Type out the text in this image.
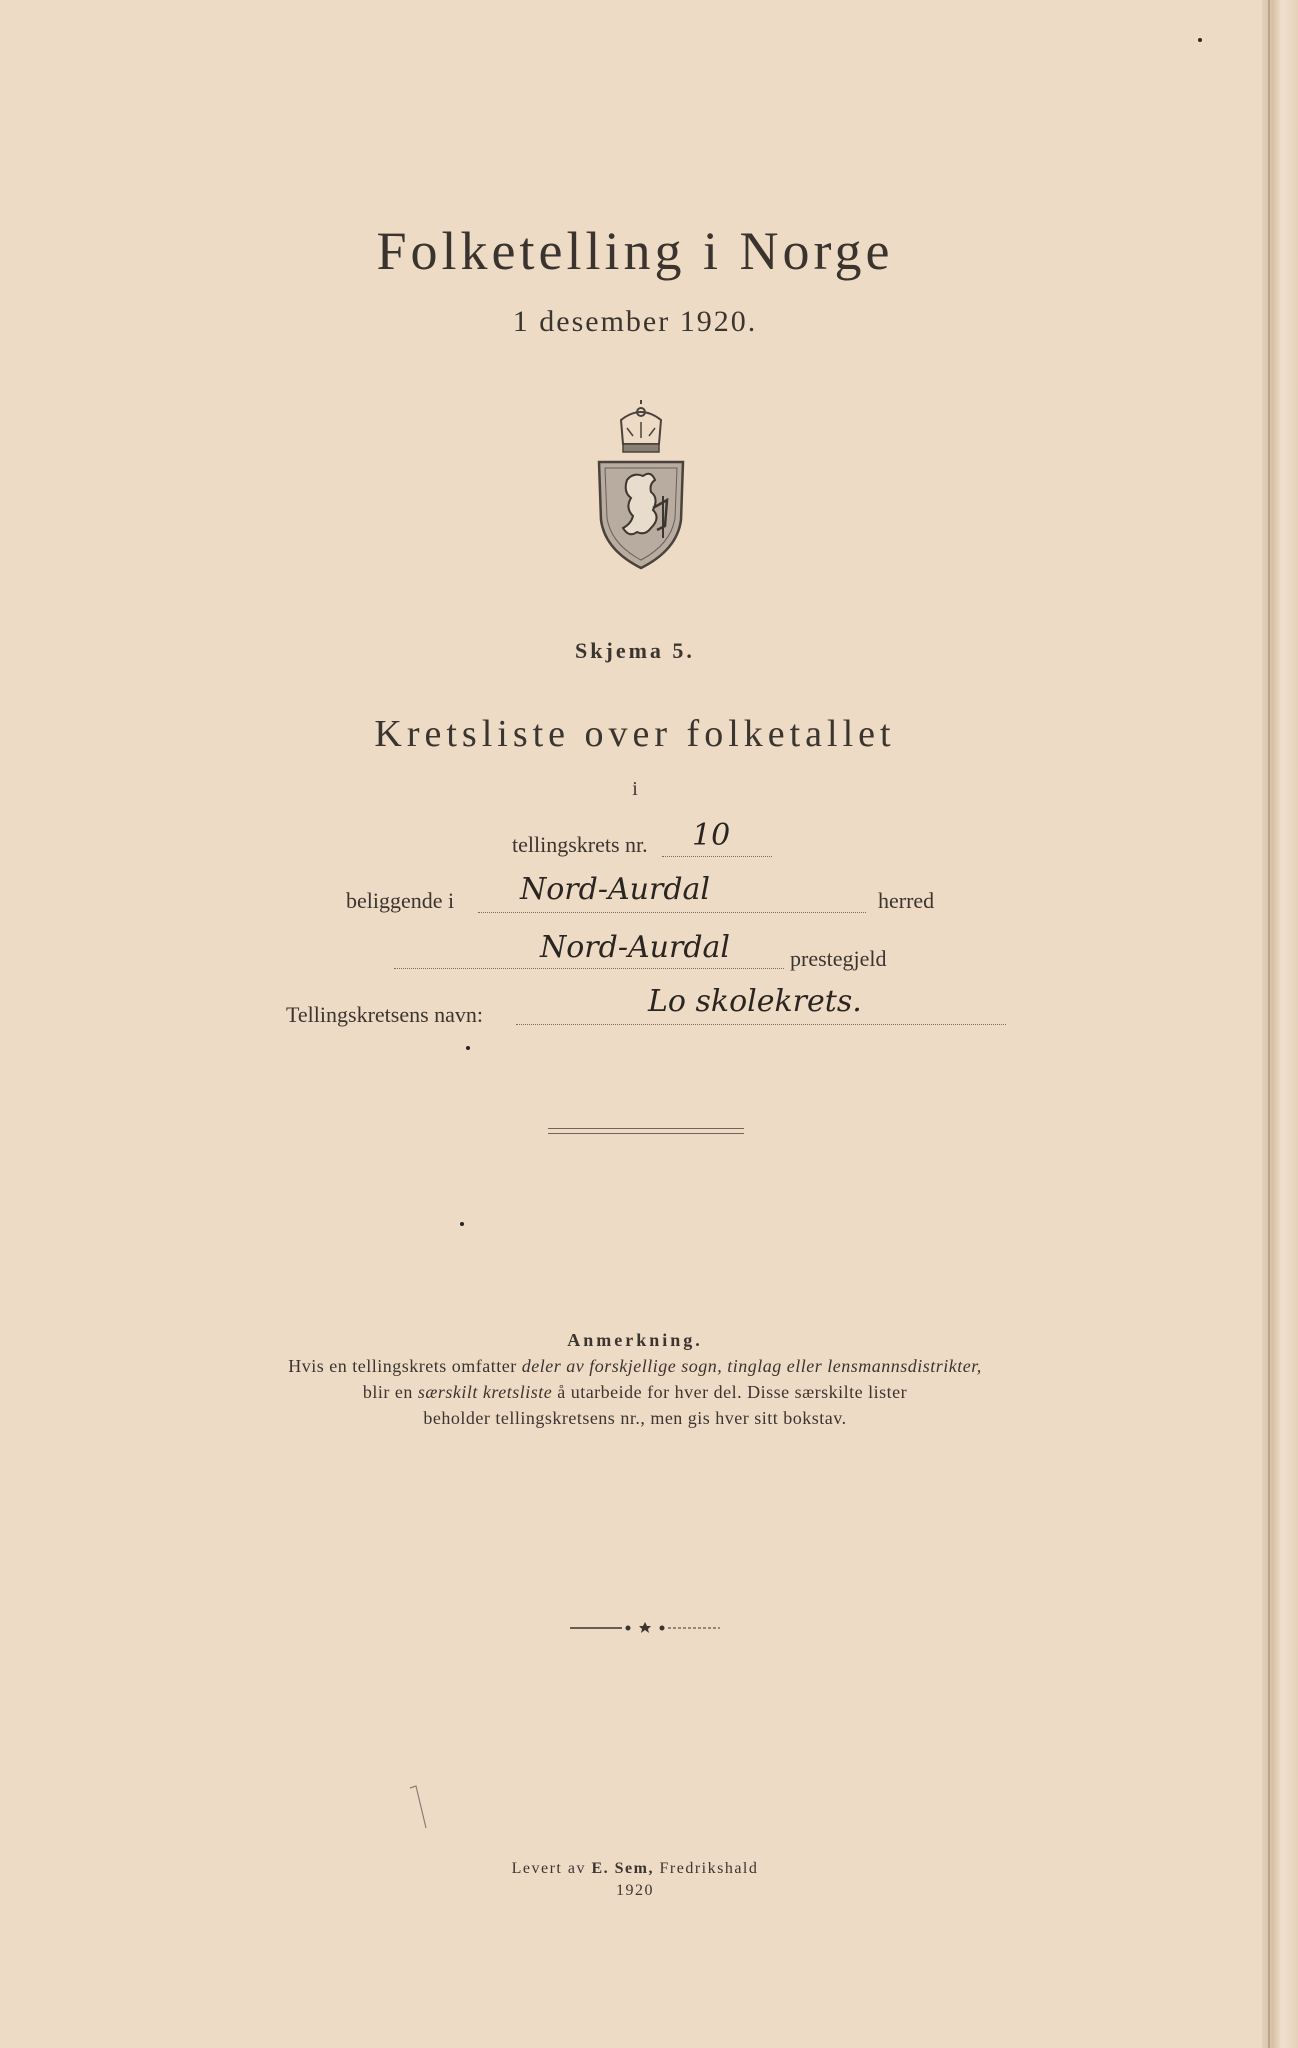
Folketelling i Norge
1 desember 1920.
Skjema 5.
Kretsliste over folketallet
i
tellingskrets nr. 10
beliggende i Nord-Aurdal	herred
Nord-Aurdal	prestegjeld
Tellingskretsens navn:	Lo skolekrets.
Anmerkning.
Hvis en tellingskrets omfatter deler av forskjellige sogn, tinglag eller lensmannsdistrikter,
blir en særskilt kretsliste å utarbeide for hver del. Disse særskilte lister
beholder tellingskretsens nr., men gis hver sitt bokstav.
Levert av E. Sem, Fredrikshald
1920
